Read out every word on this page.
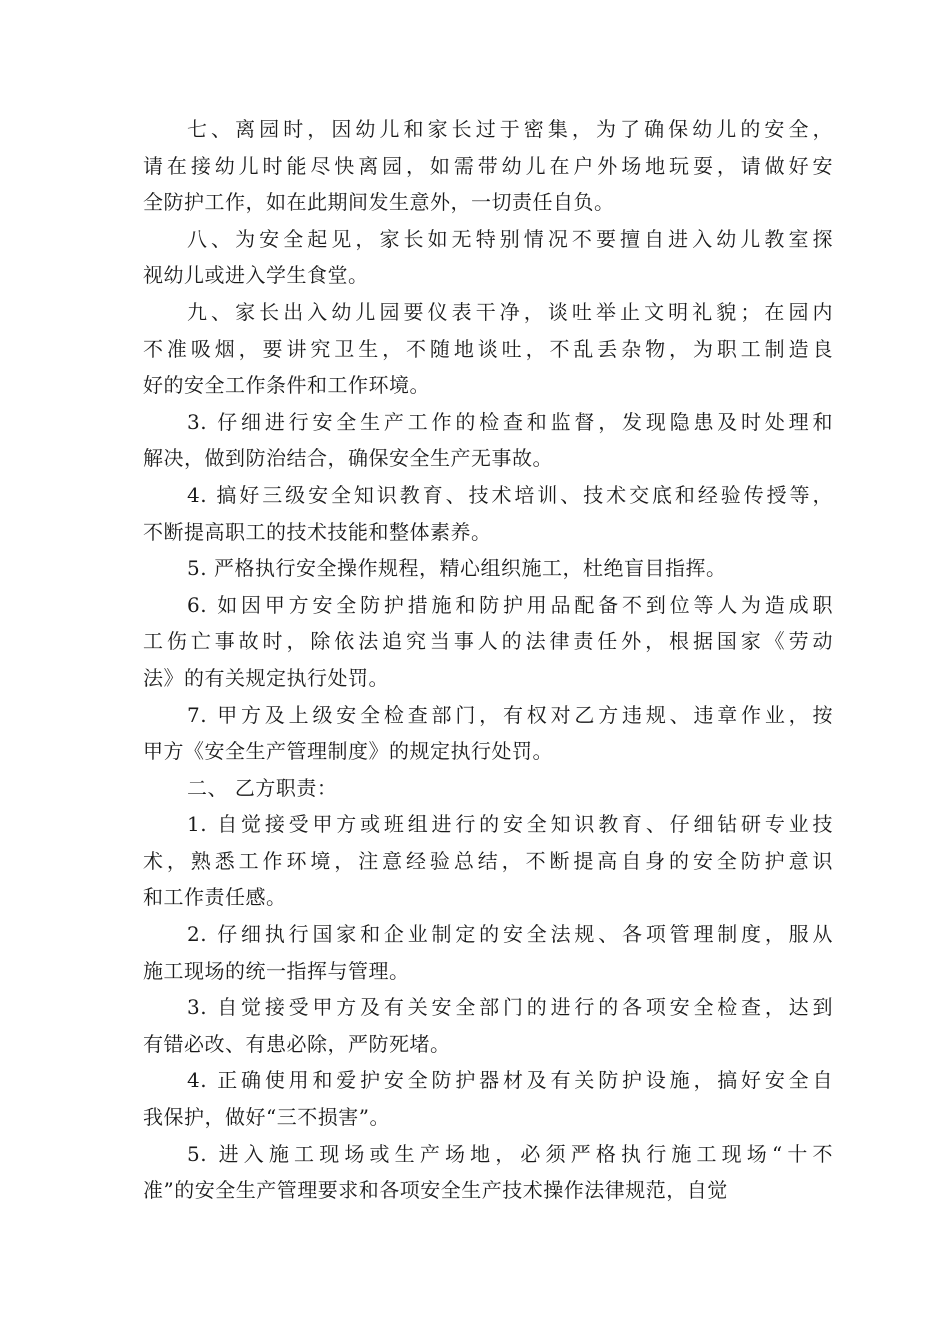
七、离园时，因幼儿和家长过于密集，为了确保幼儿的安全，
请在接幼儿时能尽快离园，如需带幼儿在户外场地玩耍，请做好安
全防护工作，如在此期间发生意外，一切责任自负。
八、为安全起见，家长如无特别情况不要擅自进入幼儿教室探
视幼儿或进入学生食堂。
九、家长出入幼儿园要仪表干净，谈吐举止文明礼貌；在园内
不准吸烟，要讲究卫生，不随地谈吐，不乱丢杂物，为职工制造良
好的安全工作条件和工作环境。
3. 仔细进行安全生产工作的检查和监督，发现隐患及时处理和
解决，做到防治结合，确保安全生产无事故。
4. 搞好三级安全知识教育、技术培训、技术交底和经验传授等，
不断提高职工的技术技能和整体素养。
5. 严格执行安全操作规程，精心组织施工，杜绝盲目指挥。
6. 如因甲方安全防护措施和防护用品配备不到位等人为造成职
工伤亡事故时，除依法追究当事人的法律责任外，根据国家《劳动
法》的有关规定执行处罚。
7. 甲方及上级安全检查部门，有权对乙方违规、违章作业，按
甲方《安全生产管理制度》的规定执行处罚。
二、 乙方职责：
1. 自觉接受甲方或班组进行的安全知识教育、仔细钻研专业技
术，熟悉工作环境，注意经验总结，不断提高自身的安全防护意识
和工作责任感。
2. 仔细执行国家和企业制定的安全法规、各项管理制度，服从
施工现场的统一指挥与管理。
3. 自觉接受甲方及有关安全部门的进行的各项安全检查，达到
有错必改、有患必除，严防死堵。
4. 正确使用和爱护安全防护器材及有关防护设施，搞好安全自
我保护，做好“三不损害”。
5. 进入施工现场或生产场地，必须严格执行施工现场“十不
准”的安全生产管理要求和各项安全生产技术操作法律规范，自觉
